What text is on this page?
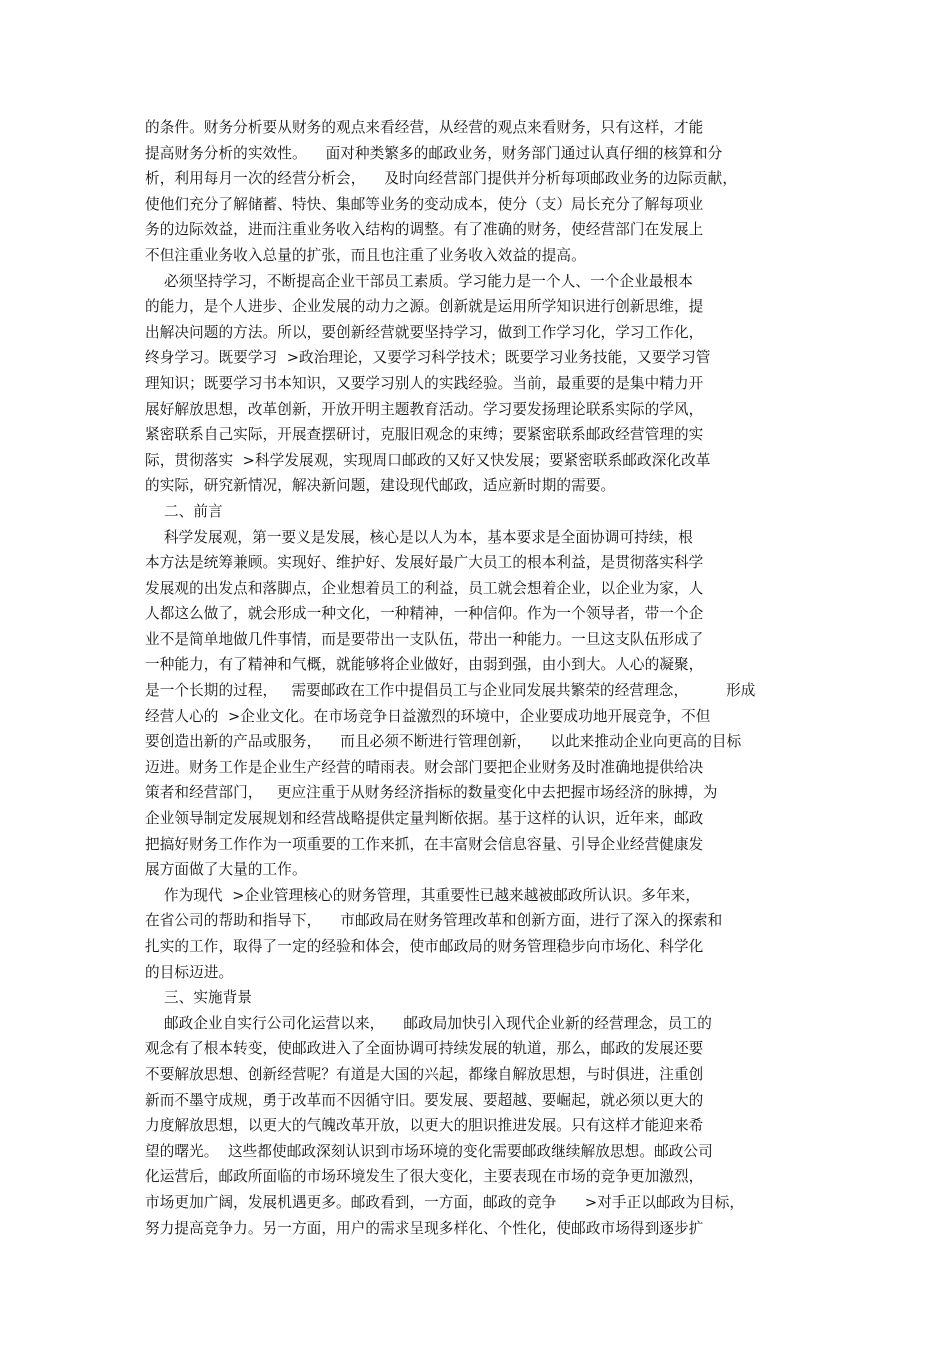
的条件。财务分析要从财务的观点来看经营，从经营的观点来看财务，只有这样，才能
提高财务分析的实效性。    面对种类繁多的邮政业务，财务部门通过认真仔细的核算和分
析，利用每月一次的经营分析会，    及时向经营部门提供并分析每项邮政业务的边际贡献，
使他们充分了解储蓄、特快、集邮等业务的变动成本，使分（支）局长充分了解每项业
务的边际效益，进而注重业务收入结构的调整。有了准确的财务，使经营部门在发展上
不但注重业务收入总量的扩张，而且也注重了业务收入效益的提高。
必须坚持学习，不断提高企业干部员工素质。学习能力是一个人、一个企业最根本
的能力，是个人进步、企业发展的动力之源。创新就是运用所学知识进行创新思维，提
出解决问题的方法。所以，要创新经营就要坚持学习，做到工作学习化，学习工作化，
终身学习。既要学习  >政治理论，又要学习科学技术；既要学习业务技能，又要学习管
理知识；既要学习书本知识，又要学习别人的实践经验。当前，最重要的是集中精力开
展好解放思想，改革创新，开放开明主题教育活动。学习要发扬理论联系实际的学风，
紧密联系自己实际，开展查摆研讨，克服旧观念的束缚；要紧密联系邮政经营管理的实
际，贯彻落实  >科学发展观，实现周口邮政的又好又快发展；要紧密联系邮政深化改革
的实际，研究新情况，解决新问题，建设现代邮政，适应新时期的需要。
二、前言
科学发展观，第一要义是发展，核心是以人为本，基本要求是全面协调可持续，根
本方法是统筹兼顾。实现好、维护好、发展好最广大员工的根本利益，是贯彻落实科学
发展观的出发点和落脚点，企业想着员工的利益，员工就会想着企业，以企业为家，人
人都这么做了，就会形成一种文化，一种精神，一种信仰。作为一个领导者，带一个企
业不是简单地做几件事情，而是要带出一支队伍，带出一种能力。一旦这支队伍形成了
一种能力，有了精神和气概，就能够将企业做好，由弱到强，由小到大。人心的凝聚，
是一个长期的过程，   需要邮政在工作中提倡员工与企业同发展共繁荣的经营理念，        形成
经营人心的  >企业文化。在市场竞争日益激烈的环境中，企业要成功地开展竞争，不但
要创造出新的产品或服务，    而且必须不断进行管理创新，    以此来推动企业向更高的目标
迈进。财务工作是企业生产经营的晴雨表。财会部门要把企业财务及时准确地提供给决
策者和经营部门，   更应注重于从财务经济指标的数量变化中去把握市场经济的脉搏，为
企业领导制定发展规划和经营战略提供定量判断依据。基于这样的认识，近年来，邮政
把搞好财务工作作为一项重要的工作来抓，在丰富财会信息容量、引导企业经营健康发
展方面做了大量的工作。
作为现代  >企业管理核心的财务管理，其重要性已越来越被邮政所认识。多年来，
在省公司的帮助和指导下，    市邮政局在财务管理改革和创新方面，进行了深入的探索和
扎实的工作，取得了一定的经验和体会，使市邮政局的财务管理稳步向市场化、科学化
的目标迈进。
三、实施背景
邮政企业自实行公司化运营以来，    邮政局加快引入现代企业新的经营理念，员工的
观念有了根本转变，使邮政进入了全面协调可持续发展的轨道，那么，邮政的发展还要
不要解放思想、创新经营呢？有道是大国的兴起，都缘自解放思想，与时俱进，注重创
新而不墨守成规，勇于改革而不因循守旧。要发展、要超越、要崛起，就必须以更大的
力度解放思想，以更大的气魄改革开放，以更大的胆识推进发展。只有这样才能迎来希
望的曙光。  这些都使邮政深刻认识到市场环境的变化需要邮政继续解放思想。邮政公司
化运营后，邮政所面临的市场环境发生了很大变化，主要表现在市场的竞争更加激烈，
市场更加广阔，发展机遇更多。邮政看到，一方面，邮政的竞争      >对手正以邮政为目标，
努力提高竞争力。另一方面，用户的需求呈现多样化、个性化，使邮政市场得到逐步扩
